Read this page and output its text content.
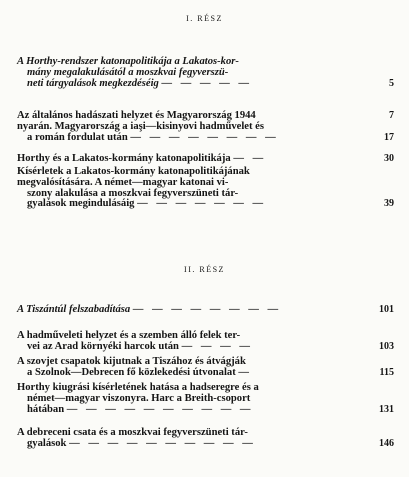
I. RÉSZ
A Horthy-rendszer katonapolitikája a Lakatos-kor-
mány megalakulásától a moszkvai fegyverszü-
neti tárgyalások megkezdéséig — — — — —	5
Az általános hadászati helyzet és Magyarország 1944	7
nyarán. Magyarország a iaşi—kisinyovi hadművelet és
a román fordulat után — — — — — — — —	17
Horthy és a Lakatos-kormány katonapolitikája — —	30
Kísérletek a Lakatos-kormány katonapolitikájának
megvalósítására. A német—magyar katonai vi-
szony alakulása a moszkvai fegyverszüneti tár-
gyalások megindulásáig — — — — — — —	39
II. RÉSZ
A Tiszántúl felszabadítása — — — — — — — —	101
A hadműveleti helyzet és a szemben álló felek ter-
vei az Arad környéki harcok után — — — —	103
A szovjet csapatok kijutnak a Tiszához és átvágják
a Szolnok—Debrecen fő közlekedési útvonalat —	115
Horthy kiugrási kísérletének hatása a hadseregre és a
német—magyar viszonyra. Harc a Breith-csoport
hátában — — — — — — — — — —	131
A debreceni csata és a moszkvai fegyverszüneti tár-
gyalások — — — — — — — — — —	146
